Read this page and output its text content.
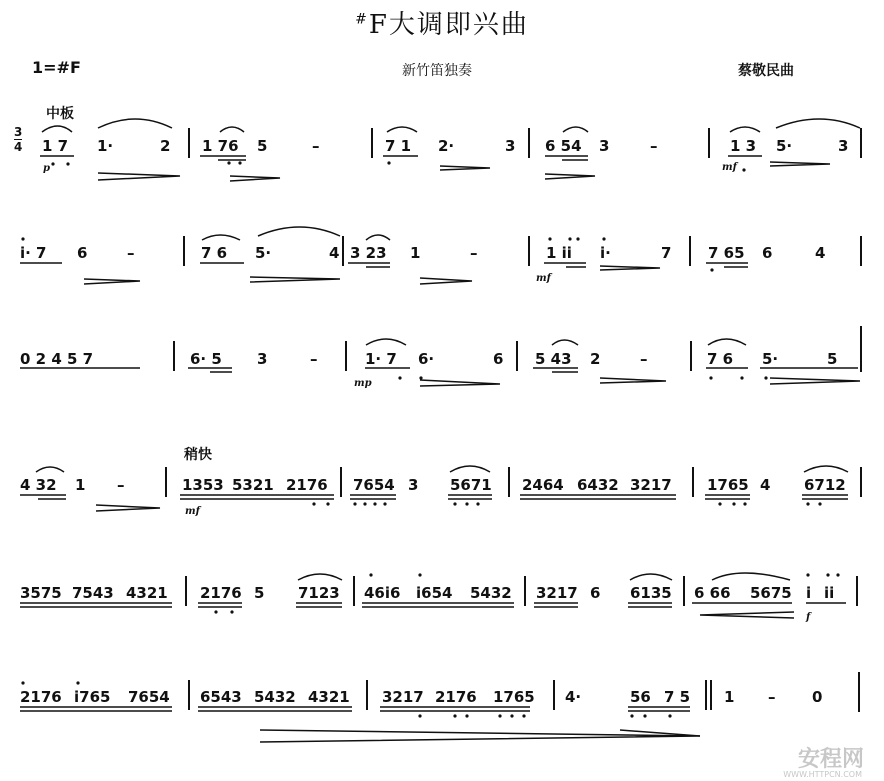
#F大调即兴曲
1=#F	新竹笛独奏	蔡敬民曲
中板
稍快
3
4 1 7 1·	2 1 76 5	–	7 1 2·	3 6 54 3	–	1 3 5·	3
p	mf
i· 7 6	–	7 6 5·	4 3 23 1	–	1 ii i·	7 7 65 6	4
mf
0 2 4 5 7	6· 5 3	–	1· 7 6·	6 5 43 2	–	7 6 5·	5
mp
4 32 1 –	1353 5321 2176 7654 3 5671 2464 6432 3217 1765 4 6712
mf
3575 7543 4321 2176 5 7123 46i6 i654 5432 3217 6 6135 6 66 5675 i ii
f
2176 i765 7654 6543 5432 4321 3217 2176 1765 4·	56 7 5 1 – 0
安程网
WWW.HTTPCN.COM
